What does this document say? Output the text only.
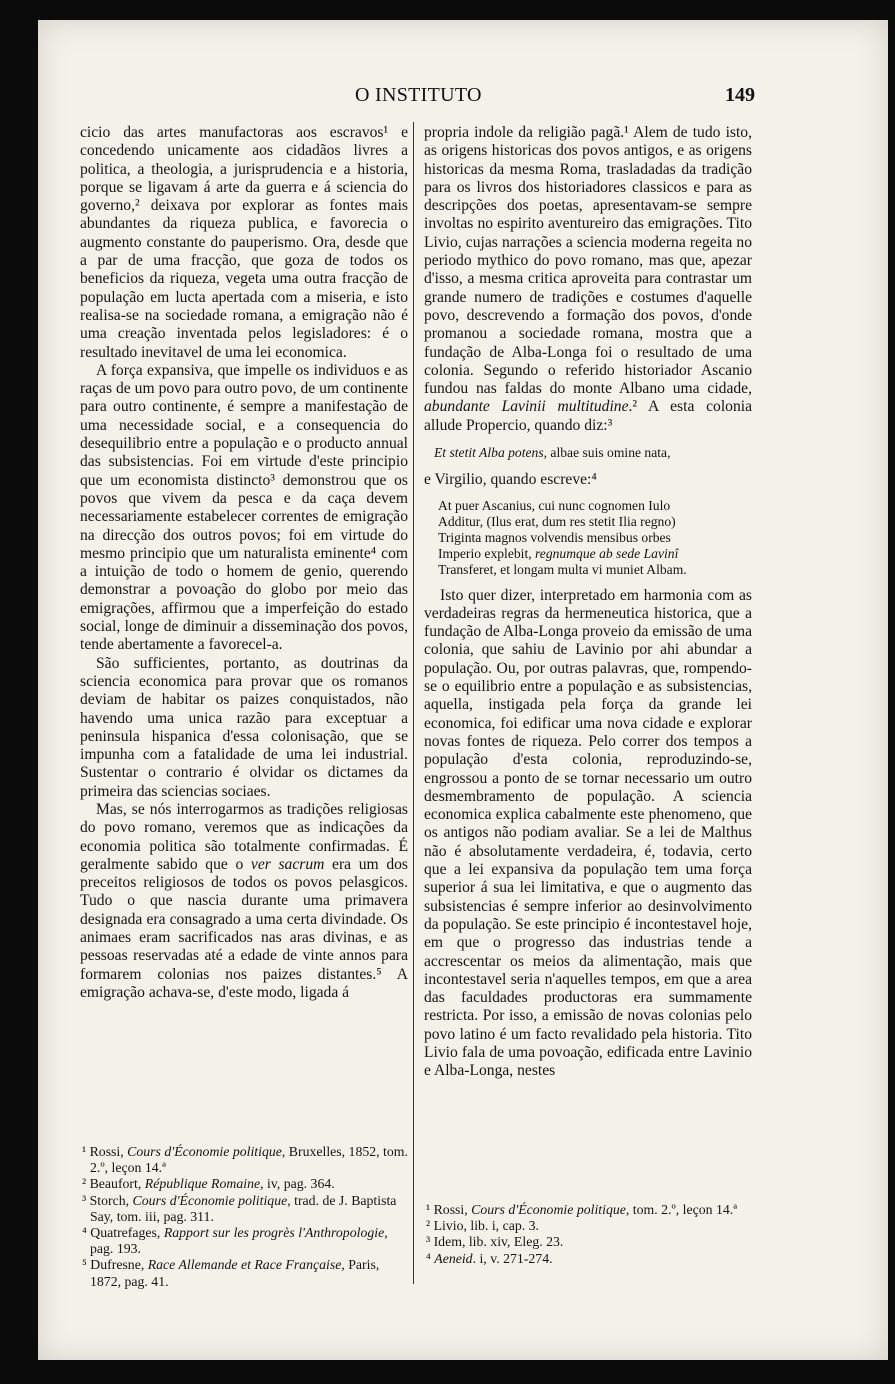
O INSTITUTO	149

cicio das artes manufactoras aos escravos¹ e concedendo unicamente aos cidadãos livres a politica, a theologia, a jurisprudencia e a historia, porque se ligavam á arte da guerra e á sciencia do governo,² deixava por explorar as fontes mais abundantes da riqueza publica, e favorecia o augmento constante do pauperismo. Ora, desde que a par de uma fracção, que goza de todos os beneficios da riqueza, vegeta uma outra fracção de população em lucta apertada com a miseria, e isto realisa-se na sociedade romana, a emigração não é uma creação inventada pelos legisladores: é o resultado inevitavel de uma lei economica.

A força expansiva, que impelle os individuos e as raças de um povo para outro povo, de um continente para outro continente, é sempre a manifestação de uma necessidade social, e a consequencia do desequilibrio entre a população e o producto annual das subsistencias. Foi em virtude d'este principio que um economista distincto³ demonstrou que os povos que vivem da pesca e da caça devem necessariamente estabelecer correntes de emigração na direcção dos outros povos; foi em virtude do mesmo principio que um naturalista eminente⁴ com a intuição de todo o homem de genio, querendo demonstrar a povoação do globo por meio das emigrações, affirmou que a imperfeição do estado social, longe de diminuir a disseminação dos povos, tende abertamente a favorecel-a.

São sufficientes, portanto, as doutrinas da sciencia economica para provar que os romanos deviam de habitar os paizes conquistados, não havendo uma unica razão para exceptuar a peninsula hispanica d'essa colonisação, que se impunha com a fatalidade de uma lei industrial. Sustentar o contrario é olvidar os dictames da primeira das sciencias sociaes.

Mas, se nós interrogarmos as tradições religiosas do povo romano, veremos que as indicações da economia politica são totalmente confirmadas. É geralmente sabido que o ver sacrum era um dos preceitos religiosos de todos os povos pelasgicos. Tudo o que nascia durante uma primavera designada era consagrado a uma certa divindade. Os animaes eram sacrificados nas aras divinas, e as pessoas reservadas até a edade de vinte annos para formarem colonias nos paizes distantes.⁵ A emigração achava-se, d'este modo, ligada á

¹ Rossi, Cours d'Économie politique, Bruxelles, 1852, tom. 2.º, leçon 14.ª
² Beaufort, République Romaine, iv, pag. 364.
³ Storch, Cours d'Économie politique, trad. de J. Baptista Say, tom. iii, pag. 311.
⁴ Quatrefages, Rapport sur les progrès l'Anthropologie, pag. 193.
⁵ Dufresne, Race Allemande et Race Française, Paris, 1872, pag. 41.

propria indole da religião pagã.¹ Alem de tudo isto, as origens historicas dos povos antigos, e as origens historicas da mesma Roma, trasladadas da tradição para os livros dos historiadores classicos e para as descripções dos poetas, apresentavam-se sempre involtas no espirito aventureiro das emigrações. Tito Livio, cujas narrações a sciencia moderna regeita no periodo mythico do povo romano, mas que, apezar d'isso, a mesma critica aproveita para contrastar um grande numero de tradições e costumes d'aquelle povo, descrevendo a formação dos povos, d'onde promanou a sociedade romana, mostra que a fundação de Alba-Longa foi o resultado de uma colonia. Segundo o referido historiador Ascanio fundou nas faldas do monte Albano uma cidade, abundante Lavinii multitudine.² A esta colonia allude Propercio, quando diz:³

Et stetit Alba potens, albae suis omine nata,

e Virgilio, quando escreve:⁴

At puer Ascanius, cui nunc cognomen Iulo
Additur, (Ilus erat, dum res stetit Ilia regno)
Triginta magnos volvendis mensibus orbes
Imperio explebit, regnumque ab sede Lavinî
Transferet, et longam multa vi muniet Albam.

Isto quer dizer, interpretado em harmonia com as verdadeiras regras da hermeneutica historica, que a fundação de Alba-Longa proveio da emissão de uma colonia, que sahiu de Lavinio por ahi abundar a população. Ou, por outras palavras, que, rompendo-se o equilibrio entre a população e as subsistencias, aquella, instigada pela força da grande lei economica, foi edificar uma nova cidade e explorar novas fontes de riqueza. Pelo correr dos tempos a população d'esta colonia, reproduzindo-se, engrossou a ponto de se tornar necessario um outro desmembramento de população. A sciencia economica explica cabalmente este phenomeno, que os antigos não podiam avaliar. Se a lei de Malthus não é absolutamente verdadeira, é, todavia, certo que a lei expansiva da população tem uma força superior á sua lei limitativa, e que o augmento das subsistencias é sempre inferior ao desinvolvimento da população. Se este principio é incontestavel hoje, em que o progresso das industrias tende a accrescentar os meios da alimentação, mais que incontestavel seria n'aquelles tempos, em que a area das faculdades productoras era summamente restricta. Por isso, a emissão de novas colonias pelo povo latino é um facto revalidado pela historia. Tito Livio fala de uma povoação, edificada entre Lavinio e Alba-Longa, nestes

¹ Rossi, Cours d'Économie politique, tom. 2.º, leçon 14.ª
² Livio, lib. i, cap. 3.
³ Idem, lib. xiv, Eleg. 23.
⁴ Aeneid. i, v. 271-274.
